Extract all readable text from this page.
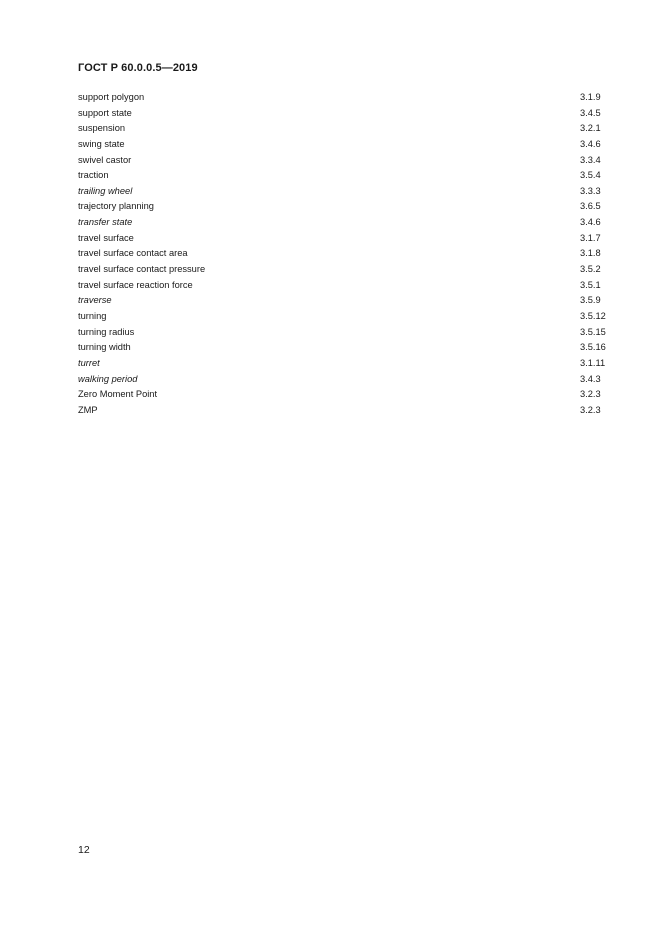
ГОСТ Р 60.0.0.5—2019
support polygon	3.1.9
support state	3.4.5
suspension	3.2.1
swing state	3.4.6
swivel castor	3.3.4
traction	3.5.4
trailing wheel	3.3.3
trajectory planning	3.6.5
transfer state	3.4.6
travel surface	3.1.7
travel surface contact area	3.1.8
travel surface contact pressure	3.5.2
travel surface reaction force	3.5.1
traverse	3.5.9
turning	3.5.12
turning radius	3.5.15
turning width	3.5.16
turret	3.1.11
walking period	3.4.3
Zero Moment Point	3.2.3
ZMP	3.2.3
12
